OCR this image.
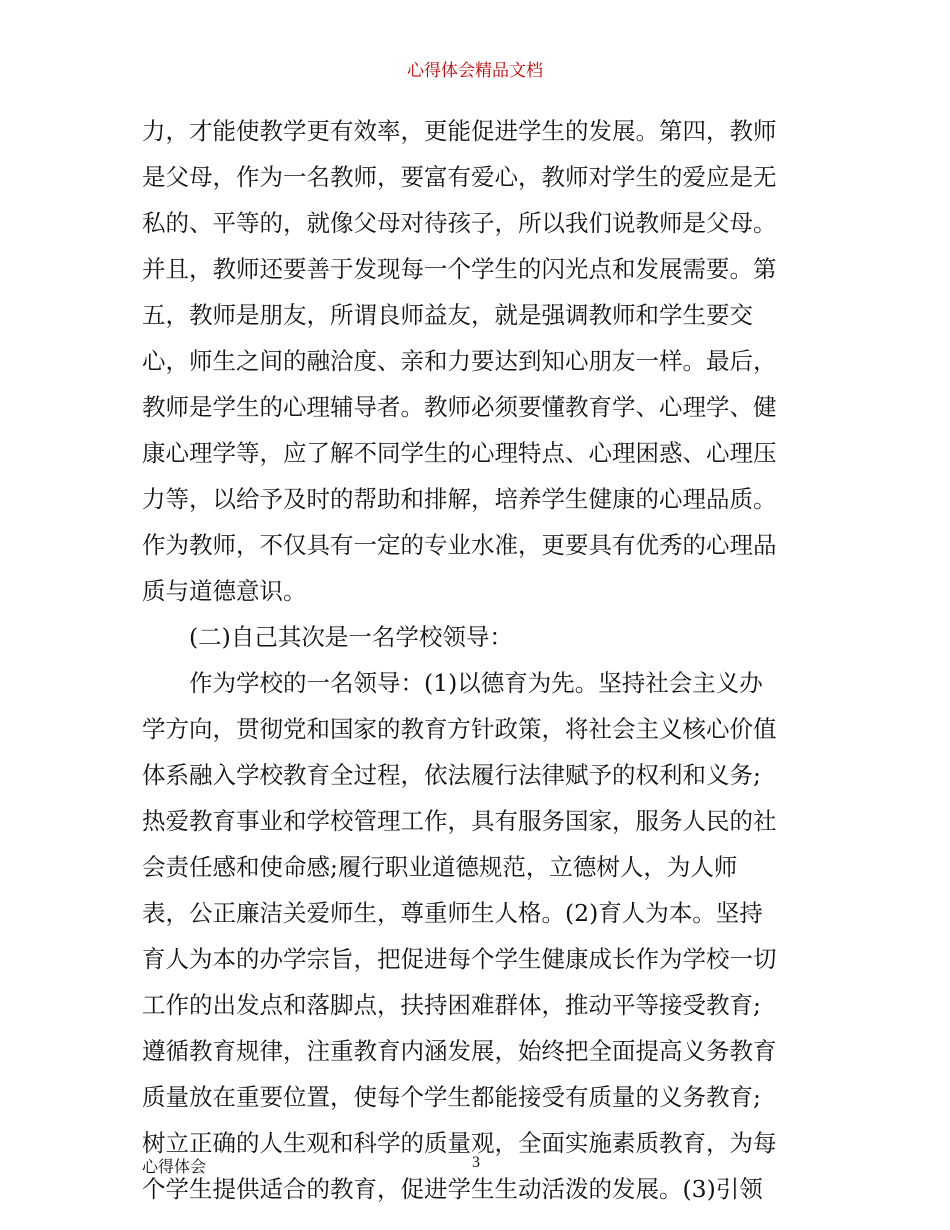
心得体会精品文档
力，才能使教学更有效率，更能促进学生的发展。第四，教师
是父母，作为一名教师，要富有爱心，教师对学生的爱应是无
私的、平等的，就像父母对待孩子，所以我们说教师是父母。
并且，教师还要善于发现每一个学生的闪光点和发展需要。第
五，教师是朋友，所谓良师益友，就是强调教师和学生要交
心，师生之间的融洽度、亲和力要达到知心朋友一样。最后，
教师是学生的心理辅导者。教师必须要懂教育学、心理学、健
康心理学等，应了解不同学生的心理特点、心理困惑、心理压
力等，以给予及时的帮助和排解，培养学生健康的心理品质。
作为教师，不仅具有一定的专业水准，更要具有优秀的心理品
质与道德意识。
(二)自己其次是一名学校领导：
作为学校的一名领导：(1)以德育为先。坚持社会主义办
学方向，贯彻党和国家的教育方针政策，将社会主义核心价值
体系融入学校教育全过程，依法履行法律赋予的权利和义务;
热爱教育事业和学校管理工作，具有服务国家，服务人民的社
会责任感和使命感;履行职业道德规范，立德树人，为人师
表，公正廉洁关爱师生，尊重师生人格。(2)育人为本。坚持
育人为本的办学宗旨，把促进每个学生健康成长作为学校一切
工作的出发点和落脚点，扶持困难群体，推动平等接受教育;
遵循教育规律，注重教育内涵发展，始终把全面提高义务教育
质量放在重要位置，使每个学生都能接受有质量的义务教育;
树立正确的人生观和科学的质量观，全面实施素质教育，为每
个学生提供适合的教育，促进学生生动活泼的发展。(3)引领
心得体会	3
